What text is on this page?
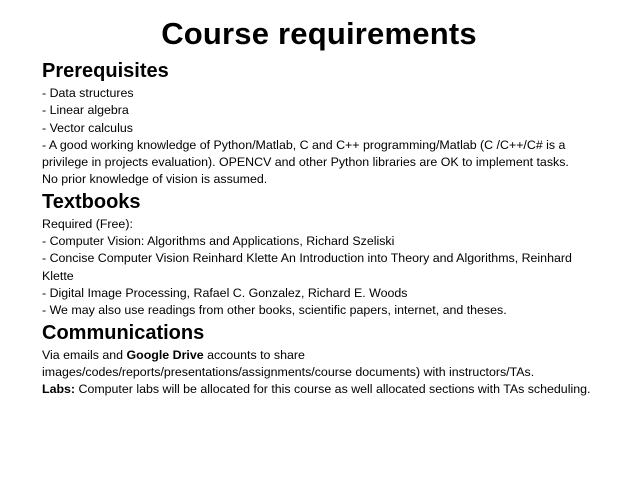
Course requirements
Prerequisites
- Data structures
- Linear algebra
- Vector calculus
- A good working knowledge of Python/Matlab, C and C++ programming/Matlab (C /C++/C# is a
privilege in projects evaluation). OPENCV and other Python libraries are OK to implement tasks.
No prior knowledge of vision is assumed.
Textbooks
Required (Free):
- Computer Vision: Algorithms and Applications, Richard Szeliski
- Concise Computer Vision Reinhard Klette An Introduction into Theory and Algorithms, Reinhard
Klette
- Digital Image Processing, Rafael C. Gonzalez, Richard E. Woods
- We may also use readings from other books, scientific papers, internet, and theses.
Communications
Via emails and Google Drive accounts to share
images/codes/reports/presentations/assignments/course documents) with instructors/TAs.
Labs: Computer labs will be allocated for this course as well allocated sections with TAs scheduling.
